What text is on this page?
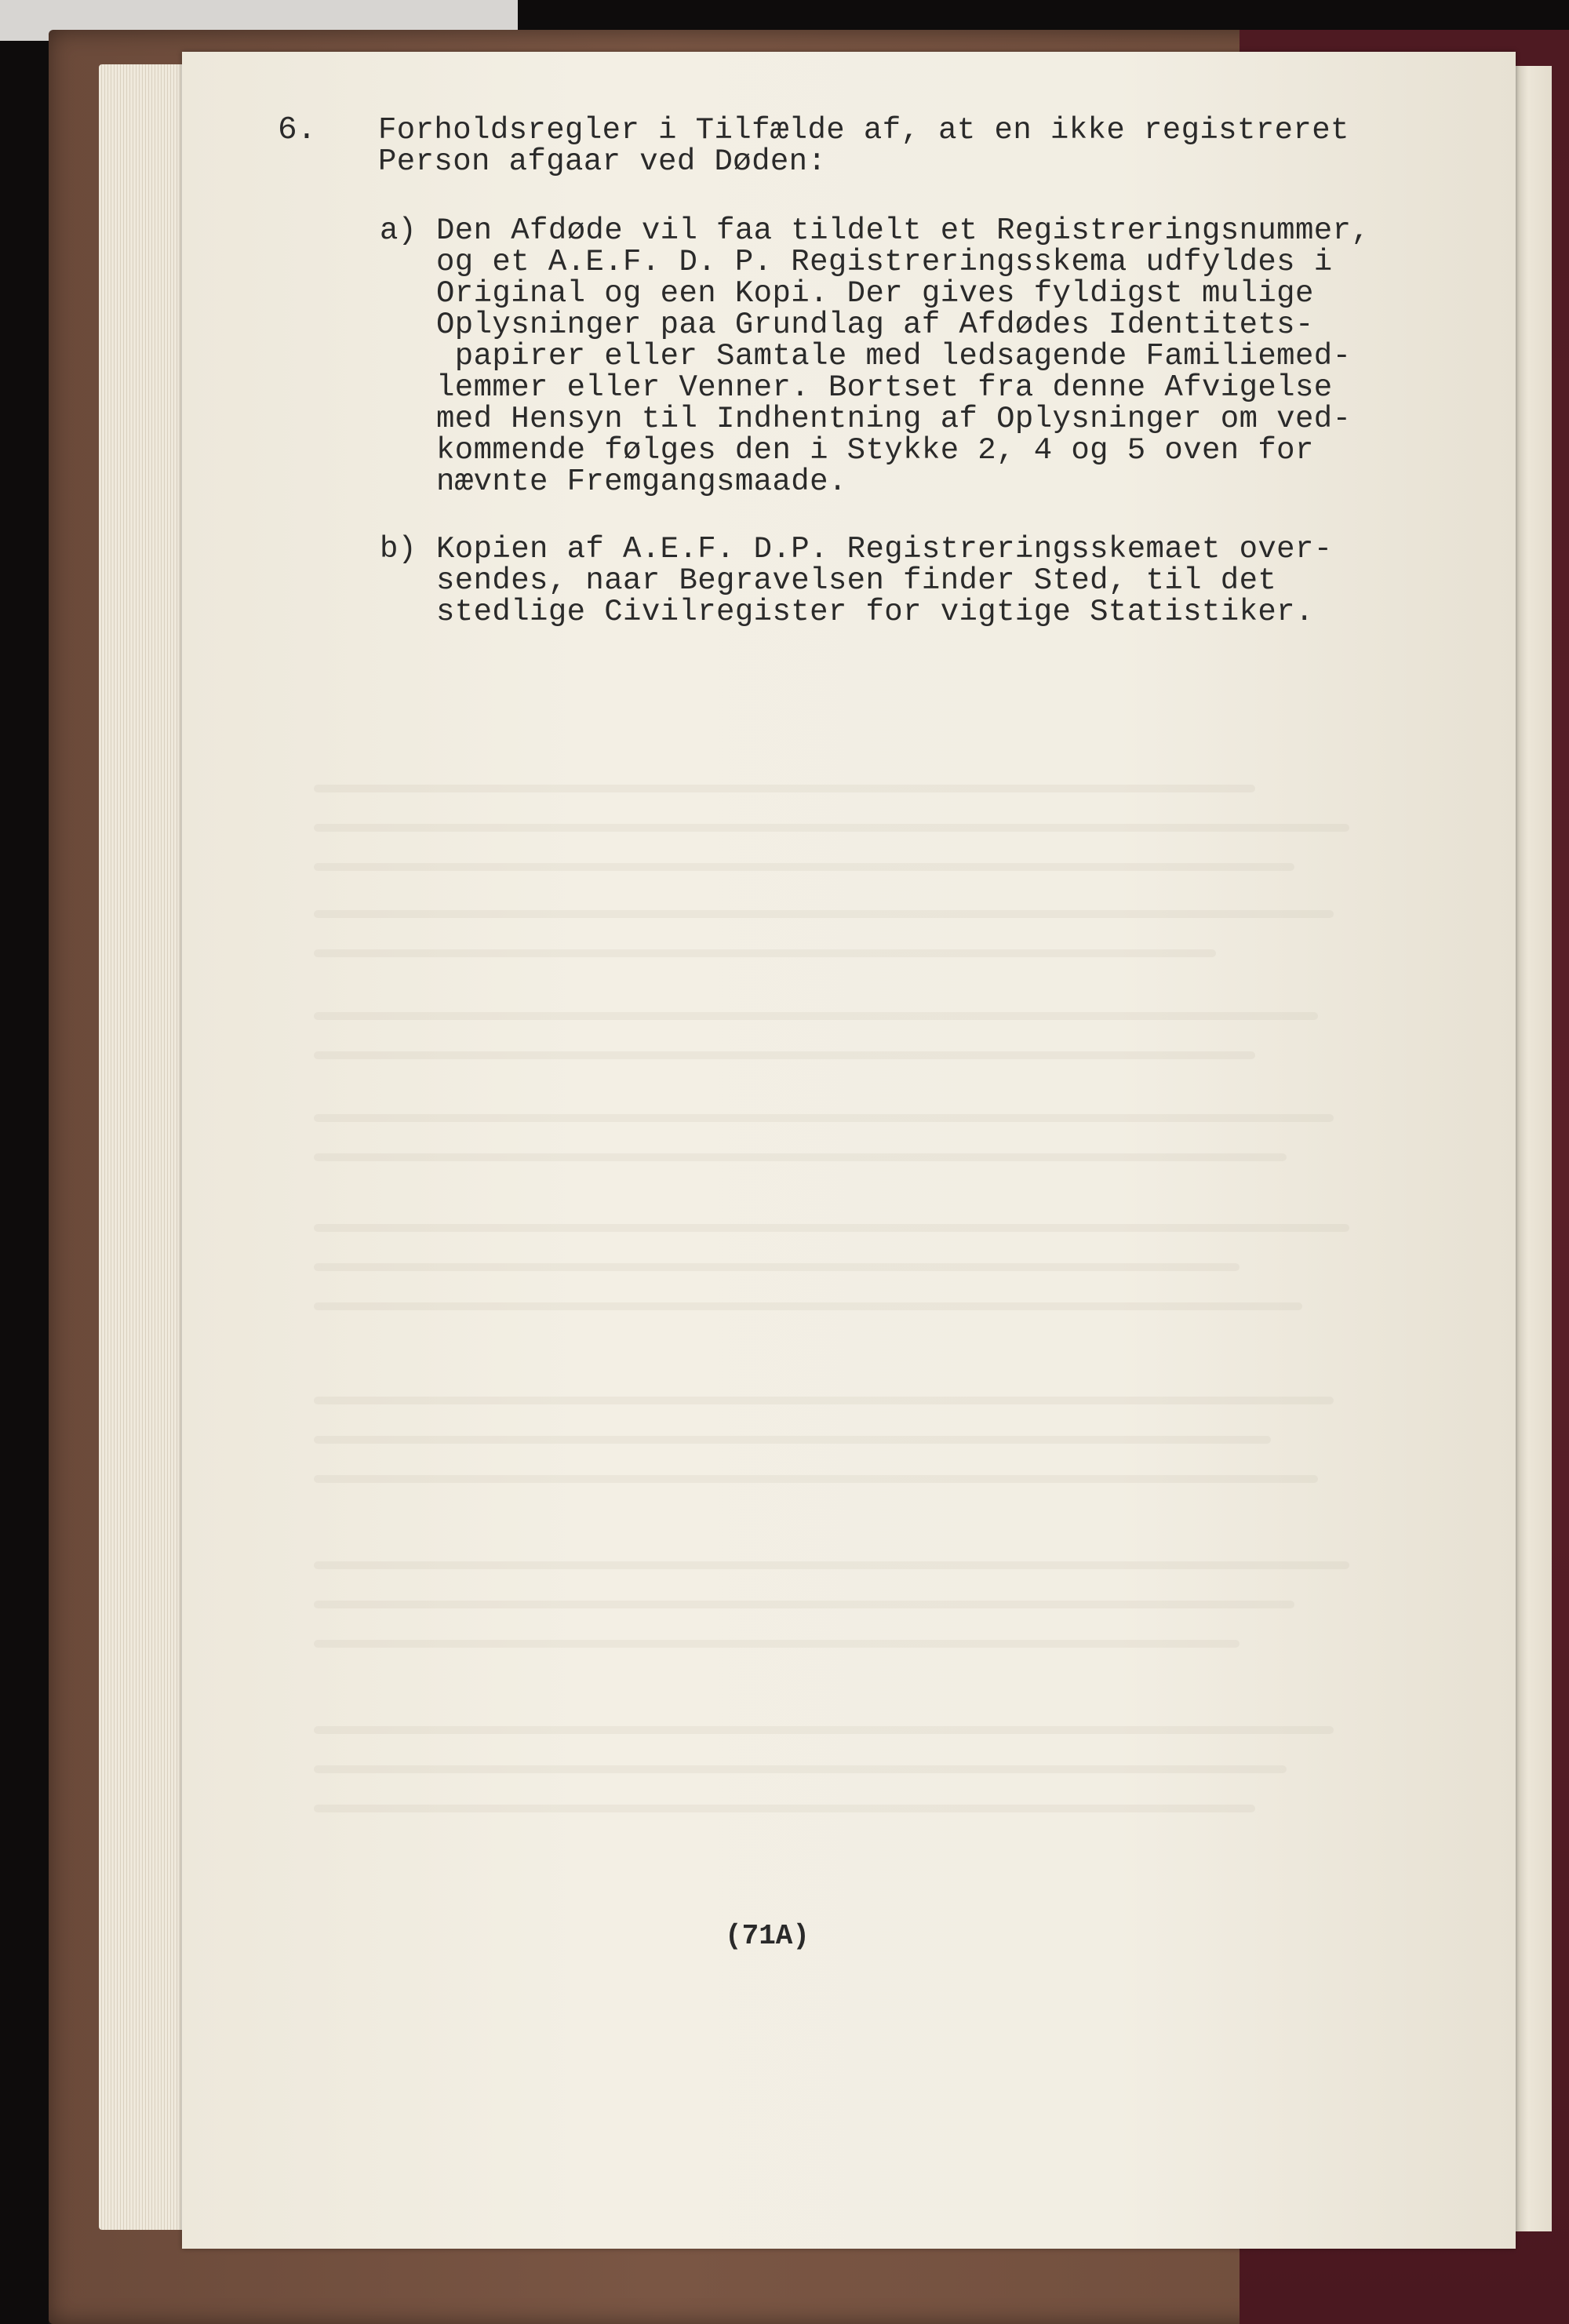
6. Forholdsregler i Tilfælde af, at en ikke registreret
Person afgaar ved Døden:
a) Den Afdøde vil faa tildelt et Registreringsnummer,
og et A.E.F. D. P. Registreringsskema udfyldes i
Original og een Kopi. Der gives fyldigst mulige
Oplysninger paa Grundlag af Afdødes Identitets-
papirer eller Samtale med ledsagende Familiemed-
lemmer eller Venner. Bortset fra denne Afvigelse
med Hensyn til Indhentning af Oplysninger om ved-
kommende følges den i Stykke 2, 4 og 5 oven for
nævnte Fremgangsmaade.
b) Kopien af A.E.F. D.P. Registreringsskemaet over-
sendes, naar Begravelsen finder Sted, til det
stedlige Civilregister for vigtige Statistiker.
(71A)
